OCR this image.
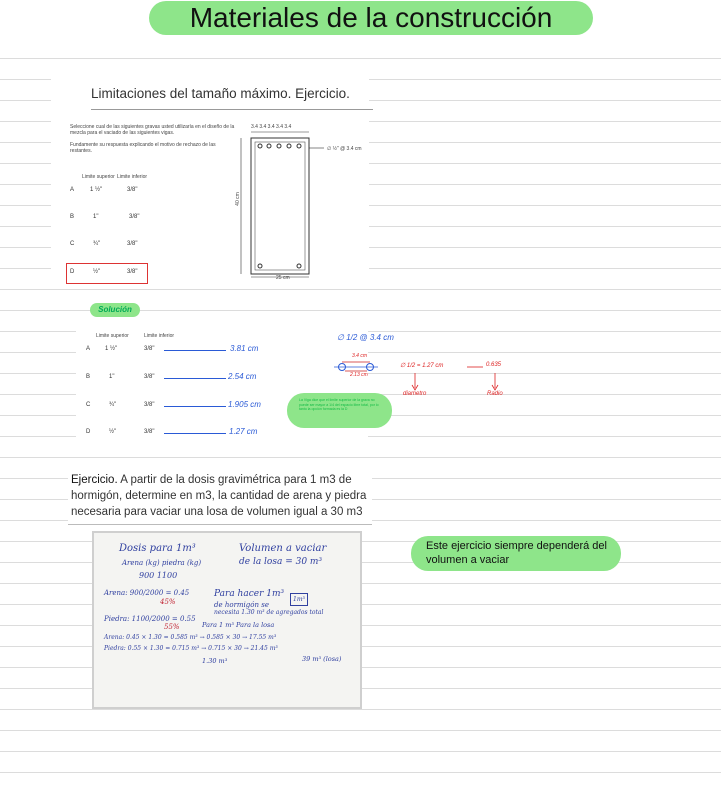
Materiales de la construcción
Limitaciones del tamaño máximo. Ejercicio.
Seleccione cual de las siguientes gravas usted utilizaría en el diseño de la mezcla para el vaciado de las siguientes vigas.
Fundamente su respuesta explicando el motivo de rechazo de las restantes.
Limite superior Limite inferior
A	1 ½"	3/8"
B	1"	3/8"
C	¾"	3/8"
D	½"	3/8"
3.4 3.4 3.4 3.4 3.4
∅ ½" @ 3.4 cm
25 cm
40 cm
Solución
Limite superior	Limite inferior
A 1 ½"	3/8"	3.81 cm
B	1"	3/8"	2.54 cm
C	¾"	3/8"	1.905 cm
D	½"	3/8"	1.27 cm
∅ 1/2 @ 3.4 cm
3.4 cm
2.13 cm
∅ 1/2 = 1.27 cm	0.635
diametro	Radio
La Viga dice que el limite superior de la grava no puede ser mayor a 1/4 del espacio libre total, por lo tanto la opción formada es la D
Ejercicio. A partir de la dosis gravimétrica para 1 m3 de hormigón, determine en m3, la cantidad de arena y piedra necesaria para vaciar una losa de volumen igual a 30 m3
Dosis para 1m³	Volumen a vaciar
Arena (kg) piedra (kg)	de la losa = 30 m³
900 1100
Arena: 900/2000 = 0.45
45%
Para hacer 1m³
de hormigón se
necesita 1.30 m³ de agregados total
1m³
Piedra: 1100/2000 = 0.55
55%	Para 1 m³ Para la losa
Arena: 0.45 × 1.30 = 0.585 m³ → 0.585 × 30 → 17.55 m³
Piedra: 0.55 × 1.30 = 0.715 m³ → 0.715 × 30 → 21.45 m³
1.30 m³	39 m³ (losa)
Este ejercicio siempre dependerá del volumen a vaciar
